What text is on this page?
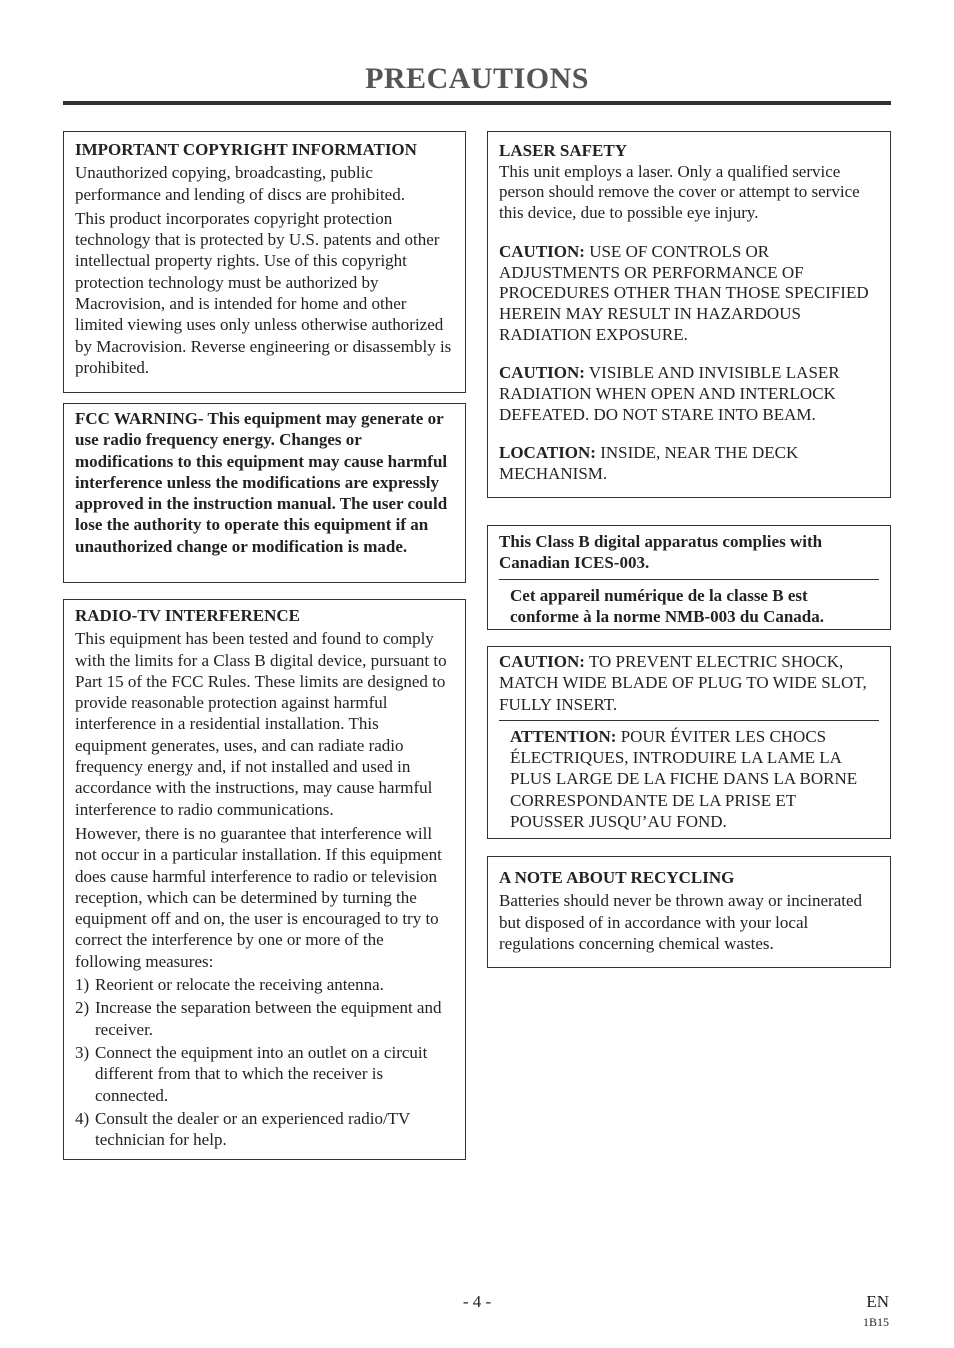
PRECAUTIONS

IMPORTANT COPYRIGHT INFORMATION

Unauthorized copying, broadcasting, public performance and lending of discs are prohibited.

This product incorporates copyright protection technology that is protected by U.S. patents and other intellectual property rights. Use of this copyright protection technology must be authorized by Macrovision, and is intended for home and other limited viewing uses only unless otherwise authorized by Macrovision. Reverse engineering or disassembly is prohibited.

FCC WARNING- This equipment may generate or use radio frequency energy. Changes or modifications to this equipment may cause harmful interference unless the modifications are expressly approved in the instruction manual. The user could lose the authority to operate this equipment if an unauthorized change or modification is made.

RADIO-TV INTERFERENCE

This equipment has been tested and found to comply with the limits for a Class B digital device, pursuant to Part 15 of the FCC Rules. These limits are designed to provide reasonable protection against harmful interference in a residential installation. This equipment generates, uses, and can radiate radio frequency energy and, if not installed and used in accordance with the instructions, may cause harmful interference to radio communications.

However, there is no guarantee that interference will not occur in a particular installation. If this equipment does cause harmful interference to radio or television reception, which can be determined by turning the equipment off and on, the user is encouraged to try to correct the interference by one or more of the following measures:

1) Reorient or relocate the receiving antenna.
2) Increase the separation between the equipment and receiver.
3) Connect the equipment into an outlet on a circuit different from that to which the receiver is connected.
4) Consult the dealer or an experienced radio/TV technician for help.

LASER SAFETY

This unit employs a laser. Only a qualified service person should remove the cover or attempt to service this device, due to possible eye injury.

CAUTION: USE OF CONTROLS OR ADJUSTMENTS OR PERFORMANCE OF PROCEDURES OTHER THAN THOSE SPECIFIED HEREIN MAY RESULT IN HAZARDOUS RADIATION EXPOSURE.

CAUTION: VISIBLE AND INVISIBLE LASER RADIATION WHEN OPEN AND INTERLOCK DEFEATED. DO NOT STARE INTO BEAM.

LOCATION: INSIDE, NEAR THE DECK MECHANISM.

This Class B digital apparatus complies with Canadian ICES-003.

Cet appareil numérique de la classe B est conforme à la norme NMB-003 du Canada.

CAUTION: TO PREVENT ELECTRIC SHOCK, MATCH WIDE BLADE OF PLUG TO WIDE SLOT, FULLY INSERT.

ATTENTION: POUR ÉVITER LES CHOCS ÉLECTRIQUES, INTRODUIRE LA LAME LA PLUS LARGE DE LA FICHE DANS LA BORNE CORRESPONDANTE DE LA PRISE ET POUSSER JUSQU’AU FOND.

A NOTE ABOUT RECYCLING

Batteries should never be thrown away or incinerated but disposed of in accordance with your local regulations concerning chemical wastes.

- 4 -	EN
1B15
